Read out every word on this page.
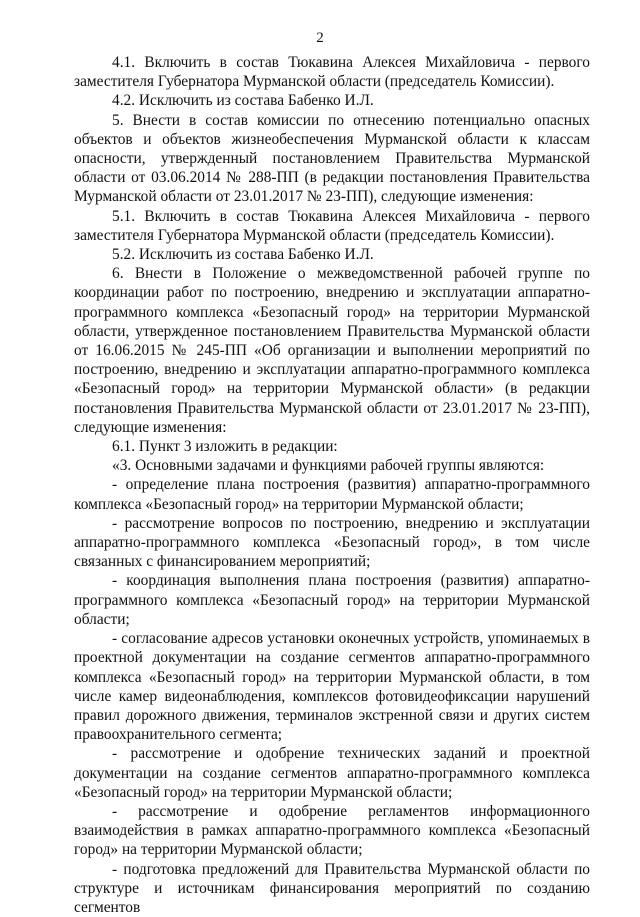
2

4.1. Включить в состав Тюкавина Алексея Михайловича - первого заместителя Губернатора Мурманской области (председатель Комиссии).

4.2. Исключить из состава Бабенко И.Л.

5. Внести в состав комиссии по отнесению потенциально опасных объектов и объектов жизнеобеспечения Мурманской области к классам опасности, утвержденный постановлением Правительства Мурманской области от 03.06.2014 № 288-ПП (в редакции постановления Правительства Мурманской области от 23.01.2017 № 23-ПП), следующие изменения:

5.1. Включить в состав Тюкавина Алексея Михайловича - первого заместителя Губернатора Мурманской области (председатель Комиссии).

5.2. Исключить из состава Бабенко И.Л.

6. Внести в Положение о межведомственной рабочей группе по координации работ по построению, внедрению и эксплуатации аппаратно-программного комплекса «Безопасный город» на территории Мурманской области, утвержденное постановлением Правительства Мурманской области от 16.06.2015 № 245-ПП «Об организации и выполнении мероприятий по построению, внедрению и эксплуатации аппаратно-программного комплекса «Безопасный город» на территории Мурманской области» (в редакции постановления Правительства Мурманской области от 23.01.2017 № 23-ПП), следующие изменения:

6.1. Пункт 3 изложить в редакции:

«3. Основными задачами и функциями рабочей группы являются:

- определение плана построения (развития) аппаратно-программного комплекса «Безопасный город» на территории Мурманской области;

- рассмотрение вопросов по построению, внедрению и эксплуатации аппаратно-программного комплекса «Безопасный город», в том числе связанных с финансированием мероприятий;

- координация выполнения плана построения (развития) аппаратно-программного комплекса «Безопасный город» на территории Мурманской области;

- согласование адресов установки оконечных устройств, упоминаемых в проектной документации на создание сегментов аппаратно-программного комплекса «Безопасный город» на территории Мурманской области, в том числе камер видеонаблюдения, комплексов фотовидеофиксации нарушений правил дорожного движения, терминалов экстренной связи и других систем правоохранительного сегмента;

- рассмотрение и одобрение технических заданий и проектной документации на создание сегментов аппаратно-программного комплекса «Безопасный город» на территории Мурманской области;

- рассмотрение и одобрение регламентов информационного взаимодействия в рамках аппаратно-программного комплекса «Безопасный город» на территории Мурманской области;

- подготовка предложений для Правительства Мурманской области по структуре и источникам финансирования мероприятий по созданию сегментов
